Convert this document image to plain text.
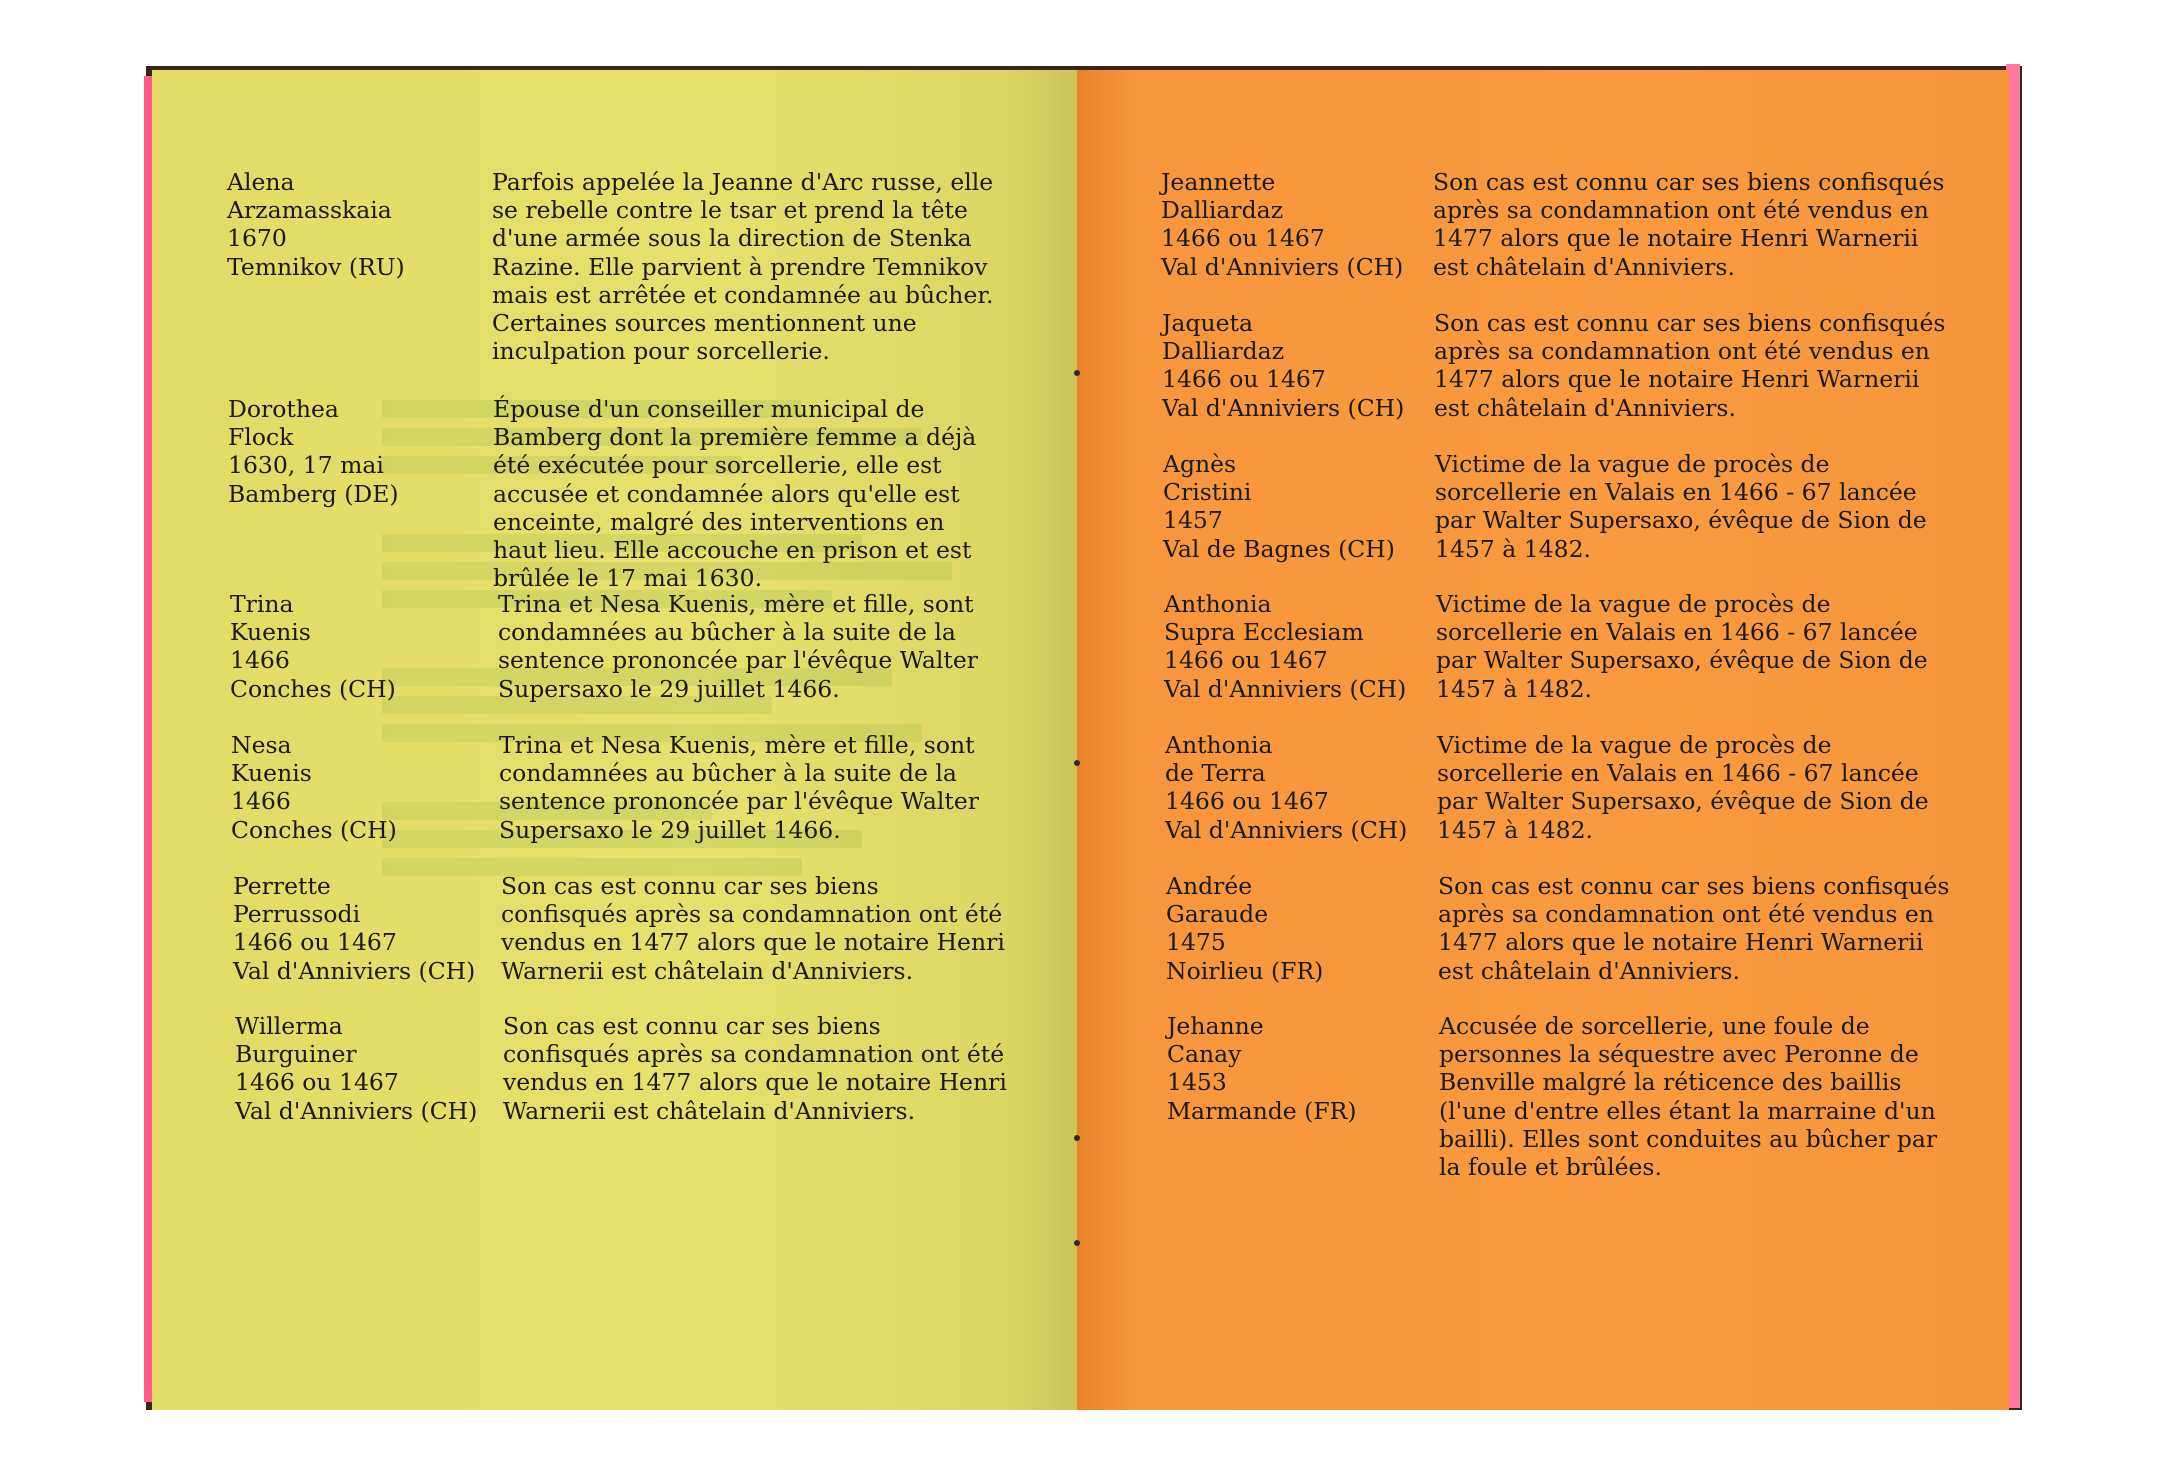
Alena
Arzamasskaia
1670
Temnikov (RU)
Parfois appelée la Jeanne d'Arc russe, elle se rebelle contre le tsar et prend la tête d'une armée sous la direction de Stenka Razine. Elle parvient à prendre Temnikov mais est arrêtée et condamnée au bûcher. Certaines sources mentionnent une inculpation pour sorcellerie.
Dorothea
Flock
1630, 17 mai
Bamberg (DE)
Épouse d'un conseiller municipal de Bamberg dont la première femme a déjà été exécutée pour sorcellerie, elle est accusée et condamnée alors qu'elle est enceinte, malgré des interventions en haut lieu. Elle accouche en prison et est brûlée le 17 mai 1630.
Trina
Kuenis
1466
Conches (CH)
Trina et Nesa Kuenis, mère et fille, sont condamnées au bûcher à la suite de la sentence prononcée par l'évêque Walter Supersaxo le 29 juillet 1466.
Nesa
Kuenis
1466
Conches (CH)
Trina et Nesa Kuenis, mère et fille, sont condamnées au bûcher à la suite de la sentence prononcée par l'évêque Walter Supersaxo le 29 juillet 1466.
Perrette
Perrussodi
1466 ou 1467
Val d'Anniviers (CH)
Son cas est connu car ses biens confisqués après sa condamnation ont été vendus en 1477 alors que le notaire Henri Warnerii est châtelain d'Anniviers.
Willerma
Burguiner
1466 ou 1467
Val d'Anniviers (CH)
Son cas est connu car ses biens confisqués après sa condamnation ont été vendus en 1477 alors que le notaire Henri Warnerii est châtelain d'Anniviers.
Jeannette
Dalliardaz
1466 ou 1467
Val d'Anniviers (CH)
Son cas est connu car ses biens confisqués après sa condamnation ont été vendus en 1477 alors que le notaire Henri Warnerii est châtelain d'Anniviers.
Jaqueta
Dalliardaz
1466 ou 1467
Val d'Anniviers (CH)
Son cas est connu car ses biens confisqués après sa condamnation ont été vendus en 1477 alors que le notaire Henri Warnerii est châtelain d'Anniviers.
Agnès
Cristini
1457
Val de Bagnes (CH)
Victime de la vague de procès de sorcellerie en Valais en 1466 - 67 lancée par Walter Supersaxo, évêque de Sion de 1457 à 1482.
Anthonia
Supra Ecclesiam
1466 ou 1467
Val d'Anniviers (CH)
Victime de la vague de procès de sorcellerie en Valais en 1466 - 67 lancée par Walter Supersaxo, évêque de Sion de 1457 à 1482.
Anthonia
de Terra
1466 ou 1467
Val d'Anniviers (CH)
Victime de la vague de procès de sorcellerie en Valais en 1466 - 67 lancée par Walter Supersaxo, évêque de Sion de 1457 à 1482.
Andrée
Garaude
1475
Noirlieu (FR)
Son cas est connu car ses biens confisqués après sa condamnation ont été vendus en 1477 alors que le notaire Henri Warnerii est châtelain d'Anniviers.
Jehanne
Canay
1453
Marmande (FR)
Accusée de sorcellerie, une foule de personnes la séquestre avec Peronne de Benville malgré la réticence des baillis (l'une d'entre elles étant la marraine d'un bailli). Elles sont conduites au bûcher par la foule et brûlées.
